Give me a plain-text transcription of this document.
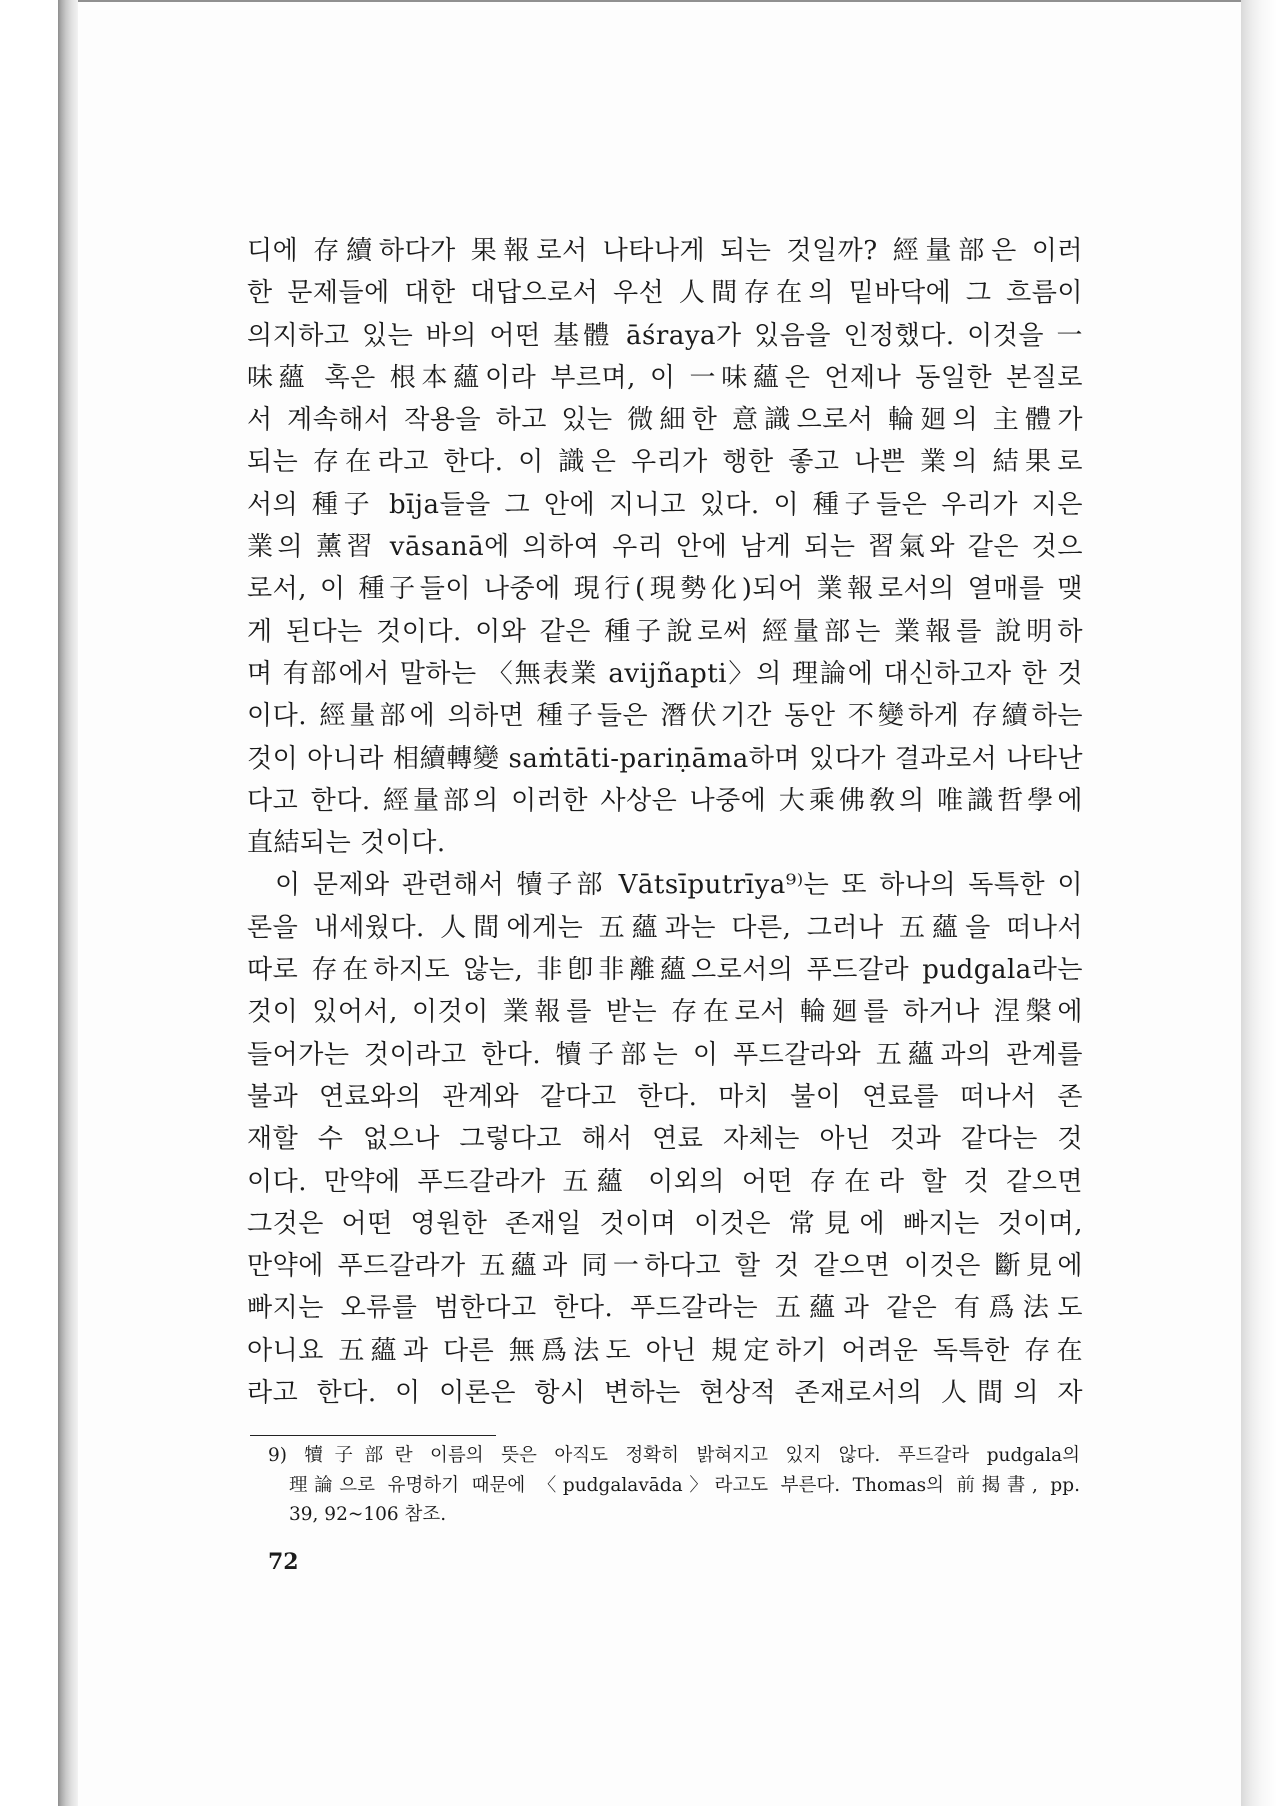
디에 存續하다가 果報로서 나타나게 되는 것일까? 經量部은 이러
한 문제들에 대한 대답으로서 우선 人間存在의 밑바닥에 그 흐름이
의지하고 있는 바의 어떤 基體 āśraya가 있음을 인정했다. 이것을 一
味蘊 혹은 根本蘊이라 부르며, 이 一味蘊은 언제나 동일한 본질로
서 계속해서 작용을 하고 있는 微細한 意識으로서 輪廻의 主體가
되는 存在라고 한다. 이 識은 우리가 행한 좋고 나쁜 業의 結果로
서의 種子 bīja들을 그 안에 지니고 있다. 이 種子들은 우리가 지은
業의 薰習 vāsanā에 의하여 우리 안에 남게 되는 習氣와 같은 것으
로서, 이 種子들이 나중에 現行(現勢化)되어 業報로서의 열매를 맺
게 된다는 것이다. 이와 같은 種子說로써 經量部는 業報를 說明하
며 有部에서 말하는 〈無表業 avijñapti〉의 理論에 대신하고자 한 것
이다. 經量部에 의하면 種子들은 潛伏기간 동안 不變하게 存續하는
것이 아니라 相續轉變 saṁtāti-pariṇāma하며 있다가 결과로서 나타난
다고 한다. 經量部의 이러한 사상은 나중에 大乘佛敎의 唯識哲學에
直結되는 것이다.
이 문제와 관련해서 犢子部 Vātsīputrīya⁹⁾는 또 하나의 독특한 이
론을 내세웠다. 人間에게는 五蘊과는 다른, 그러나 五蘊을 떠나서
따로 存在하지도 않는, 非卽非離蘊으로서의 푸드갈라 pudgala라는
것이 있어서, 이것이 業報를 받는 存在로서 輪廻를 하거나 涅槃에
들어가는 것이라고 한다. 犢子部는 이 푸드갈라와 五蘊과의 관계를
불과 연료와의 관계와 같다고 한다. 마치 불이 연료를 떠나서 존
재할 수 없으나 그렇다고 해서 연료 자체는 아닌 것과 같다는 것
이다. 만약에 푸드갈라가 五蘊 이외의 어떤 存在라 할 것 같으면
그것은 어떤 영원한 존재일 것이며 이것은 常見에 빠지는 것이며,
만약에 푸드갈라가 五蘊과 同一하다고 할 것 같으면 이것은 斷見에
빠지는 오류를 범한다고 한다. 푸드갈라는 五蘊과 같은 有爲法도
아니요 五蘊과 다른 無爲法도 아닌 規定하기 어려운 독특한 存在
라고 한다. 이 이론은 항시 변하는 현상적 존재로서의 人間의 자
9) 犢子部란 이름의 뜻은 아직도 정확히 밝혀지고 있지 않다. 푸드갈라 pudgala의
理論으로 유명하기 때문에 〈pudgalavāda〉라고도 부른다. Thomas의 前揭書, pp.
39, 92~106 참조.
72
